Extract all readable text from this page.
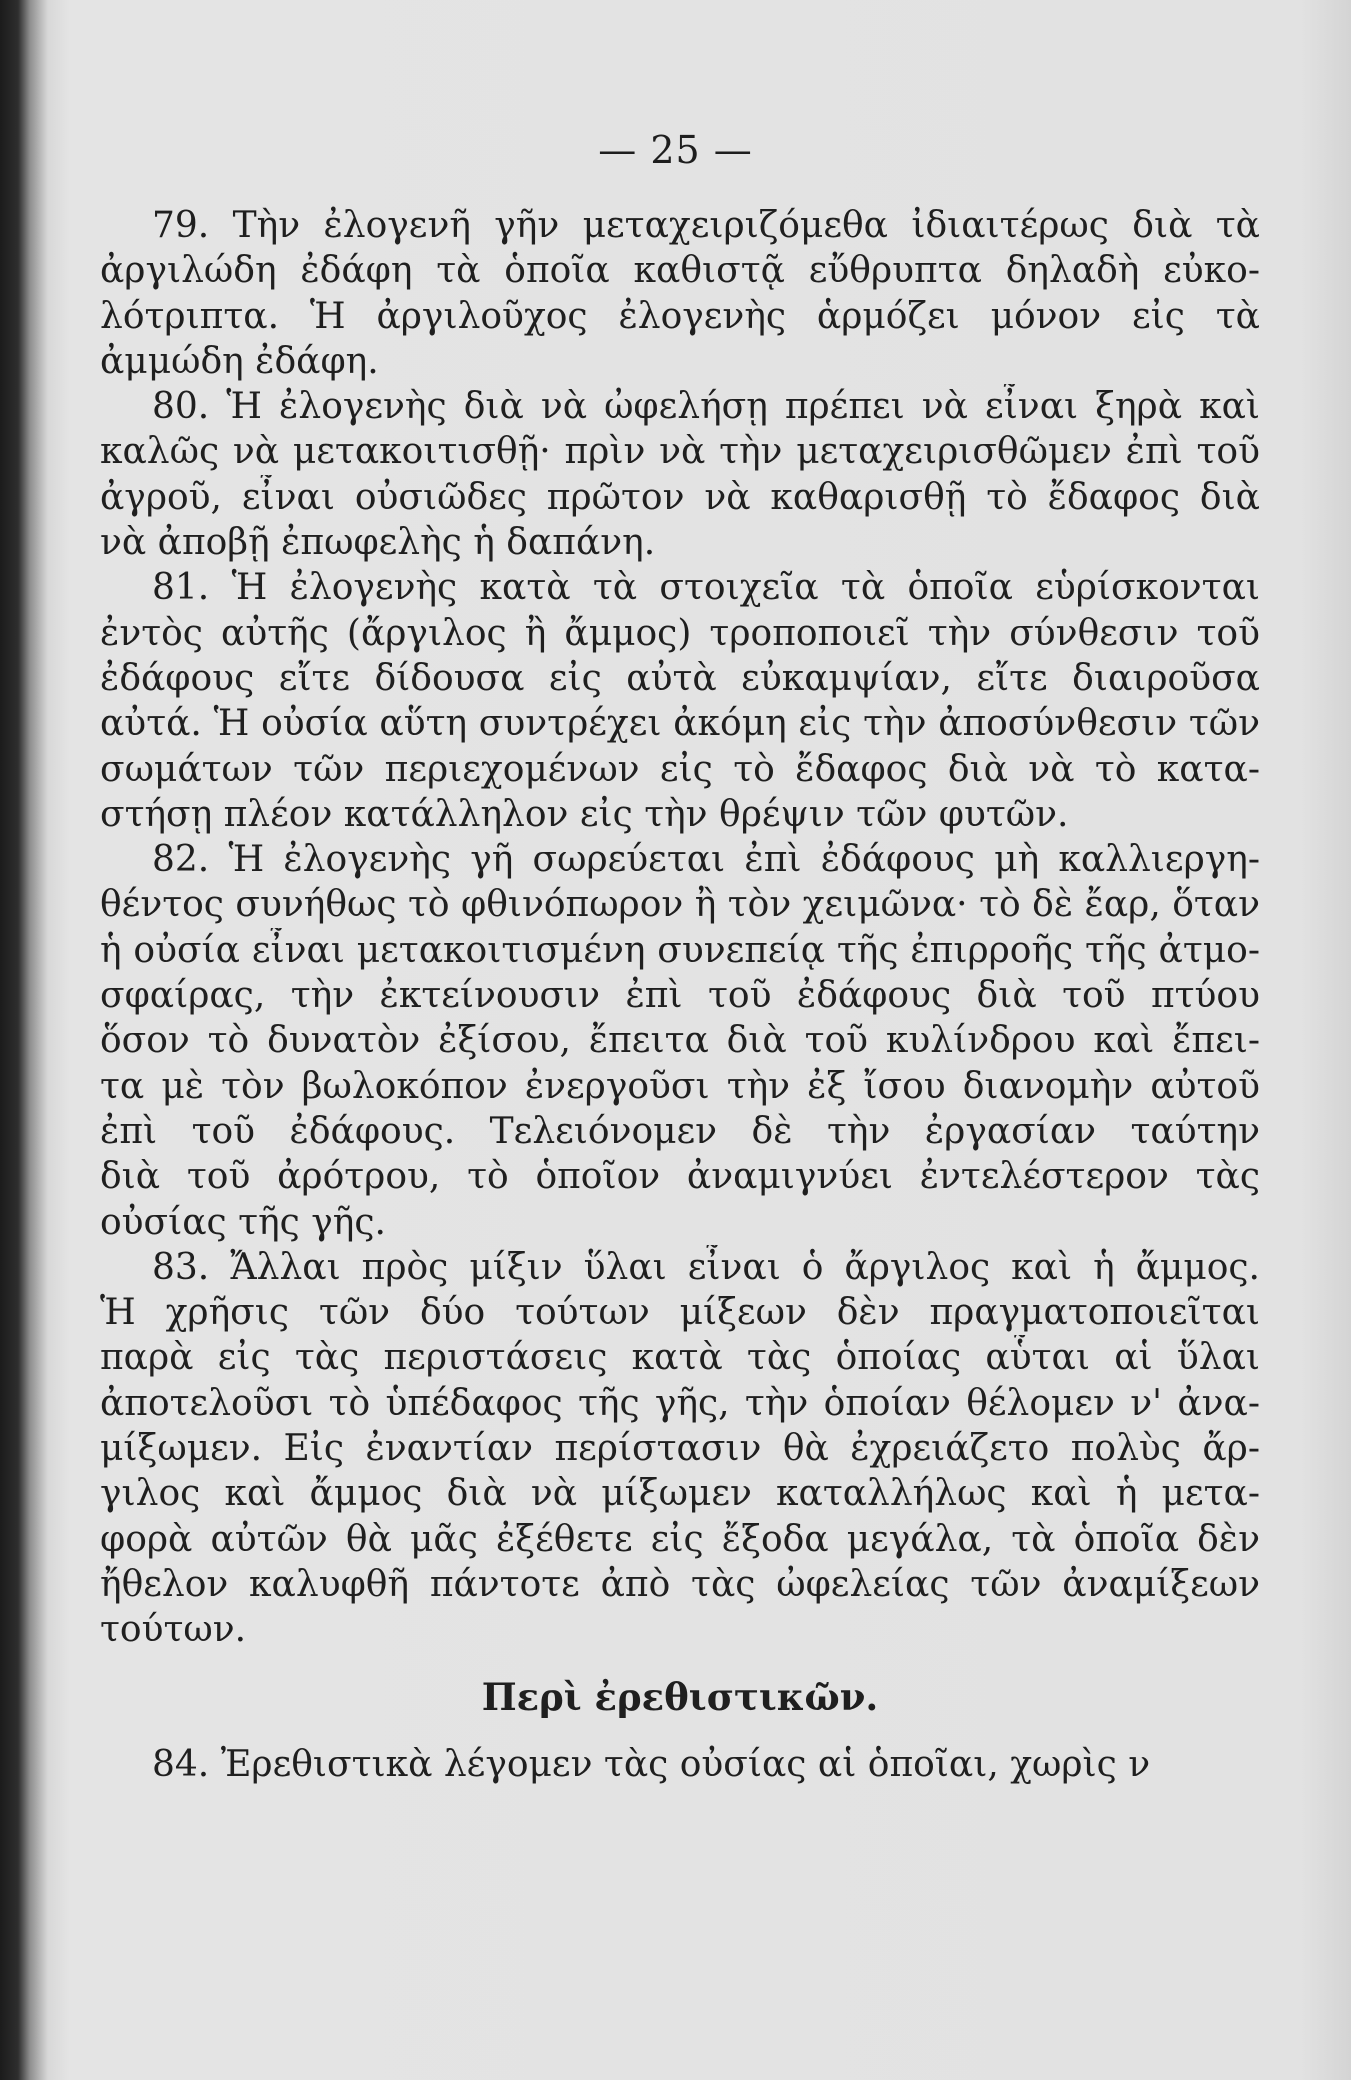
— 25 —
79. Τὴν ἐλογενῆ γῆν μεταχειριζόμεθα ἰδιαιτέρως διὰ τὰ
ἀργιλώδη ἐδάφη τὰ ὁποῖα καθιστᾷ εὔθρυπτα δηλαδὴ εὐκο-
λότριπτα. Ἡ ἀργιλοῦχος ἐλογενὴς ἁρμόζει μόνον εἰς τὰ
ἀμμώδη ἐδάφη.
80. Ἡ ἐλογενὴς διὰ νὰ ὠφελήσῃ πρέπει νὰ εἶναι ξηρὰ καὶ
καλῶς νὰ μετακοιτισθῇ· πρὶν νὰ τὴν μεταχειρισθῶμεν ἐπὶ τοῦ
ἀγροῦ, εἶναι οὐσιῶδες πρῶτον νὰ καθαρισθῇ τὸ ἔδαφος διὰ
νὰ ἀποβῇ ἐπωφελὴς ἡ δαπάνη.
81. Ἡ ἐλογενὴς κατὰ τὰ στοιχεῖα τὰ ὁποῖα εὑρίσκονται
ἐντὸς αὐτῆς (ἄργιλος ἢ ἄμμος) τροποποιεῖ τὴν σύνθεσιν τοῦ
ἐδάφους εἴτε δίδουσα εἰς αὐτὰ εὐκαμψίαν, εἴτε διαιροῦσα
αὐτά. Ἡ οὐσία αὕτη συντρέχει ἀκόμη εἰς τὴν ἀποσύνθεσιν τῶν
σωμάτων τῶν περιεχομένων εἰς τὸ ἔδαφος διὰ νὰ τὸ κατα-
στήσῃ πλέον κατάλληλον εἰς τὴν θρέψιν τῶν φυτῶν.
82. Ἡ ἐλογενὴς γῆ σωρεύεται ἐπὶ ἐδάφους μὴ καλλιεργη-
θέντος συνήθως τὸ φθινόπωρον ἢ τὸν χειμῶνα· τὸ δὲ ἔαρ, ὅταν
ἡ οὐσία εἶναι μετακοιτισμένη συνεπείᾳ τῆς ἐπιρροῆς τῆς ἀτμο-
σφαίρας, τὴν ἐκτείνουσιν ἐπὶ τοῦ ἐδάφους διὰ τοῦ πτύου
ὅσον τὸ δυνατὸν ἐξίσου, ἔπειτα διὰ τοῦ κυλίνδρου καὶ ἔπει-
τα μὲ τὸν βωλοκόπον ἐνεργοῦσι τὴν ἐξ ἴσου διανομὴν αὐτοῦ
ἐπὶ τοῦ ἐδάφους. Τελειόνομεν δὲ τὴν ἐργασίαν ταύτην
διὰ τοῦ ἀρότρου, τὸ ὁποῖον ἀναμιγνύει ἐντελέστερον τὰς
οὐσίας τῆς γῆς.
83. Ἄλλαι πρὸς μίξιν ὕλαι εἶναι ὁ ἄργιλος καὶ ἡ ἄμμος.
Ἡ χρῆσις τῶν δύο τούτων μίξεων δὲν πραγματοποιεῖται
παρὰ εἰς τὰς περιστάσεις κατὰ τὰς ὁποίας αὗται αἱ ὕλαι
ἀποτελοῦσι τὸ ὑπέδαφος τῆς γῆς, τὴν ὁποίαν θέλομεν ν' ἀνα-
μίξωμεν. Εἰς ἐναντίαν περίστασιν θὰ ἐχρειάζετο πολὺς ἄρ-
γιλος καὶ ἄμμος διὰ νὰ μίξωμεν καταλλήλως καὶ ἡ μετα-
φορὰ αὐτῶν θὰ μᾶς ἐξέθετε εἰς ἔξοδα μεγάλα, τὰ ὁποῖα δὲν
ἤθελον καλυφθῆ πάντοτε ἀπὸ τὰς ὠφελείας τῶν ἀναμίξεων
τούτων.
Περὶ ἐρεθιστικῶν.
84. Ἐρεθιστικὰ λέγομεν τὰς οὐσίας αἱ ὁποῖαι, χωρὶς ν
